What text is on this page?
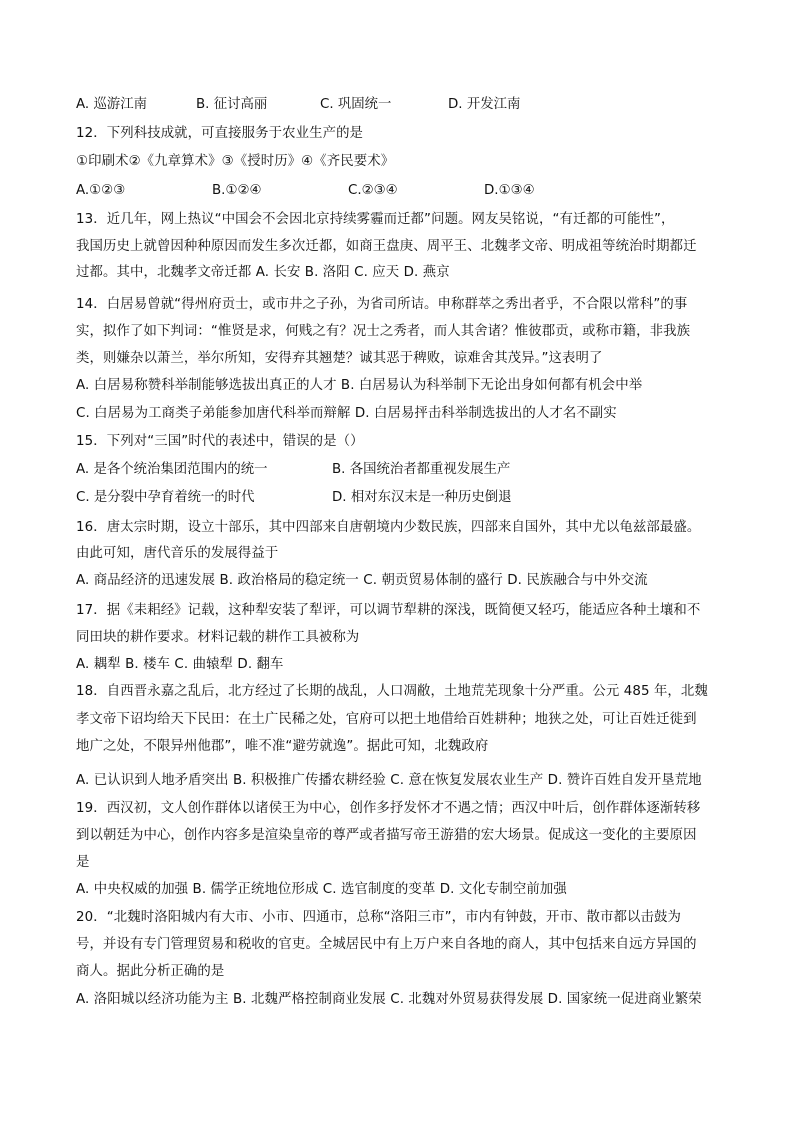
A. 巡游江南	B. 征讨高丽	C. 巩固统一	D. 开发江南
12．下列科技成就，可直接服务于农业生产的是
①印刷术②《九章算术》③《授时历》④《齐民要术》
A.①②③	B.①②④	C.②③④	D.①③④
13．近几年，网上热议“中国会不会因北京持续雾霾而迁都”问题。网友吴铭说，“有迁都的可能性”，
我国历史上就曾因种种原因而发生多次迁都，如商王盘庚、周平王、北魏孝文帝、明成祖等统治时期都迁
过都。其中，北魏孝文帝迁都 A. 长安 B. 洛阳 C. 应天 D. 燕京
14．白居易曾就“得州府贡士，或市井之子孙，为省司所诘。申称群萃之秀出者乎，不合限以常科”的事
实，拟作了如下判词：“惟贤是求，何贱之有？况士之秀者，而人其舍诸？惟彼郡贡，或称市籍，非我族
类，则嫌杂以萧兰，举尔所知，安得弃其翘楚？诚其恶于稗败，谅难舍其茂异。”这表明了
A. 白居易称赞科举制能够选拔出真正的人才 B. 白居易认为科举制下无论出身如何都有机会中举
C. 白居易为工商类子弟能参加唐代科举而辩解 D. 白居易抨击科举制选拔出的人才名不副实
15．下列对“三国”时代的表述中，错误的是（）
A. 是各个统治集团范围内的统一	B. 各国统治者都重视发展生产
C. 是分裂中孕育着统一的时代	D. 相对东汉末是一种历史倒退
16．唐太宗时期，设立十部乐，其中四部来自唐朝境内少数民族，四部来自国外，其中尤以龟兹部最盛。
由此可知，唐代音乐的发展得益于
A. 商品经济的迅速发展 B. 政治格局的稳定统一 C. 朝贡贸易体制的盛行 D. 民族融合与中外交流
17．据《耒耜经》记载，这种犁安装了犁评，可以调节犁耕的深浅，既简便又轻巧，能适应各种土壤和不
同田块的耕作要求。材料记载的耕作工具被称为
A. 耦犁 B. 楼车 C. 曲辕犁 D. 翻车
18．自西晋永嘉之乱后，北方经过了长期的战乱，人口凋敝，土地荒芜现象十分严重。公元 485 年，北魏
孝文帝下诏均给天下民田：在土广民稀之处，官府可以把土地借给百姓耕种；地狭之处，可让百姓迁徙到
地广之处，不限异州他郡”，唯不准“避劳就逸”。据此可知，北魏政府
A. 已认识到人地矛盾突出 B. 积极推广传播农耕经验 C. 意在恢复发展农业生产 D. 赞许百姓自发开垦荒地
19．西汉初，文人创作群体以诸侯王为中心，创作多抒发怀才不遇之情；西汉中叶后，创作群体逐渐转移
到以朝廷为中心，创作内容多是渲染皇帝的尊严或者描写帝王游猎的宏大场景。促成这一变化的主要原因
是
A. 中央权威的加强 B. 儒学正统地位形成 C. 选官制度的变革 D. 文化专制空前加强
20．“北魏时洛阳城内有大市、小市、四通市，总称“洛阳三市”，市内有钟鼓，开市、散市都以击鼓为
号，并设有专门管理贸易和税收的官吏。全城居民中有上万户来自各地的商人，其中包括来自远方异国的
商人。据此分析正确的是
A. 洛阳城以经济功能为主 B. 北魏严格控制商业发展 C. 北魏对外贸易获得发展 D. 国家统一促进商业繁荣
